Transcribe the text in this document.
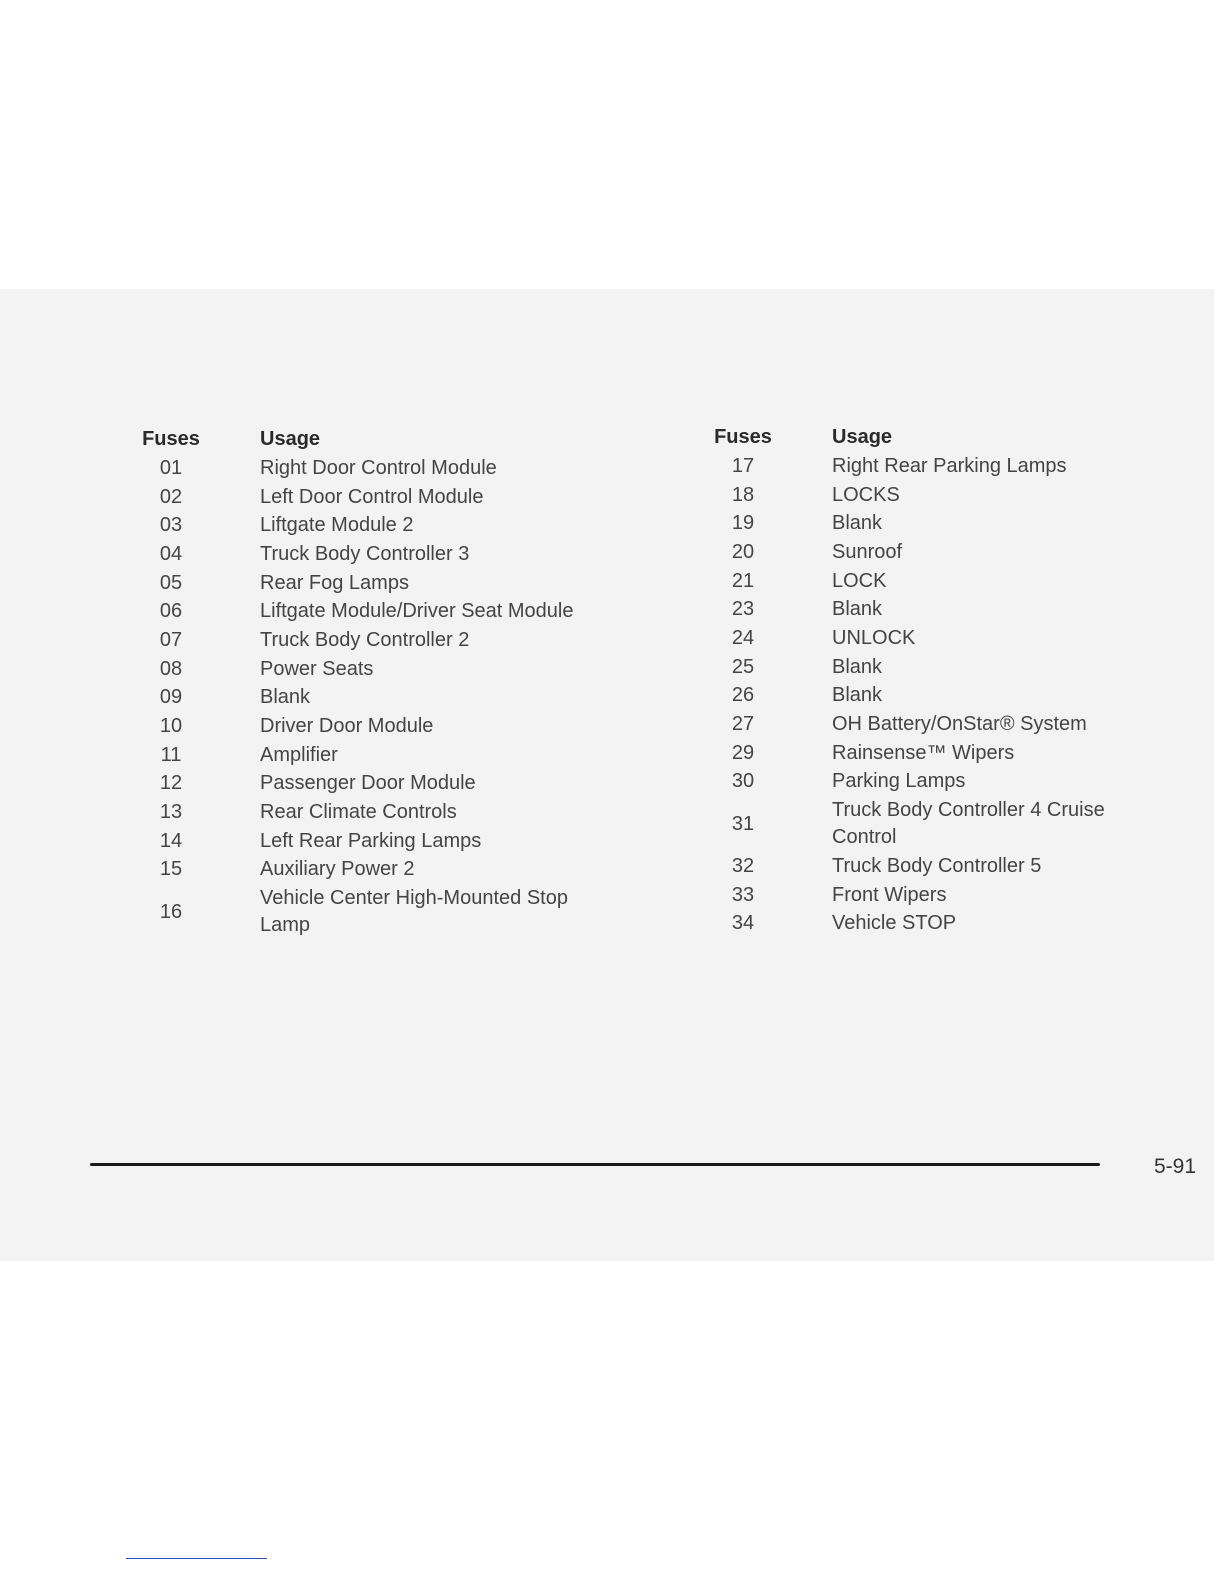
Fuses		Usage
01		Right Door Control Module
02		Left Door Control Module
03		Liftgate Module 2
04		Truck Body Controller 3
05		Rear Fog Lamps
06		Liftgate Module/Driver Seat Module
07		Truck Body Controller 2
08		Power Seats
09		Blank
10		Driver Door Module
11		Amplifier
12		Passenger Door Module
13		Rear Climate Controls
14		Left Rear Parking Lamps
15		Auxiliary Power 2
16		Vehicle Center High-Mounted Stop
Lamp
Fuses		Usage
17		Right Rear Parking Lamps
18		LOCKS
19		Blank
20		Sunroof
21		LOCK
23		Blank
24		UNLOCK
25		Blank
26		Blank
27		OH Battery/OnStar® System
29		Rainsense™ Wipers
30		Parking Lamps
31		Truck Body Controller 4 Cruise
Control
32		Truck Body Controller 5
33		Front Wipers
34		Vehicle STOP
5-91
